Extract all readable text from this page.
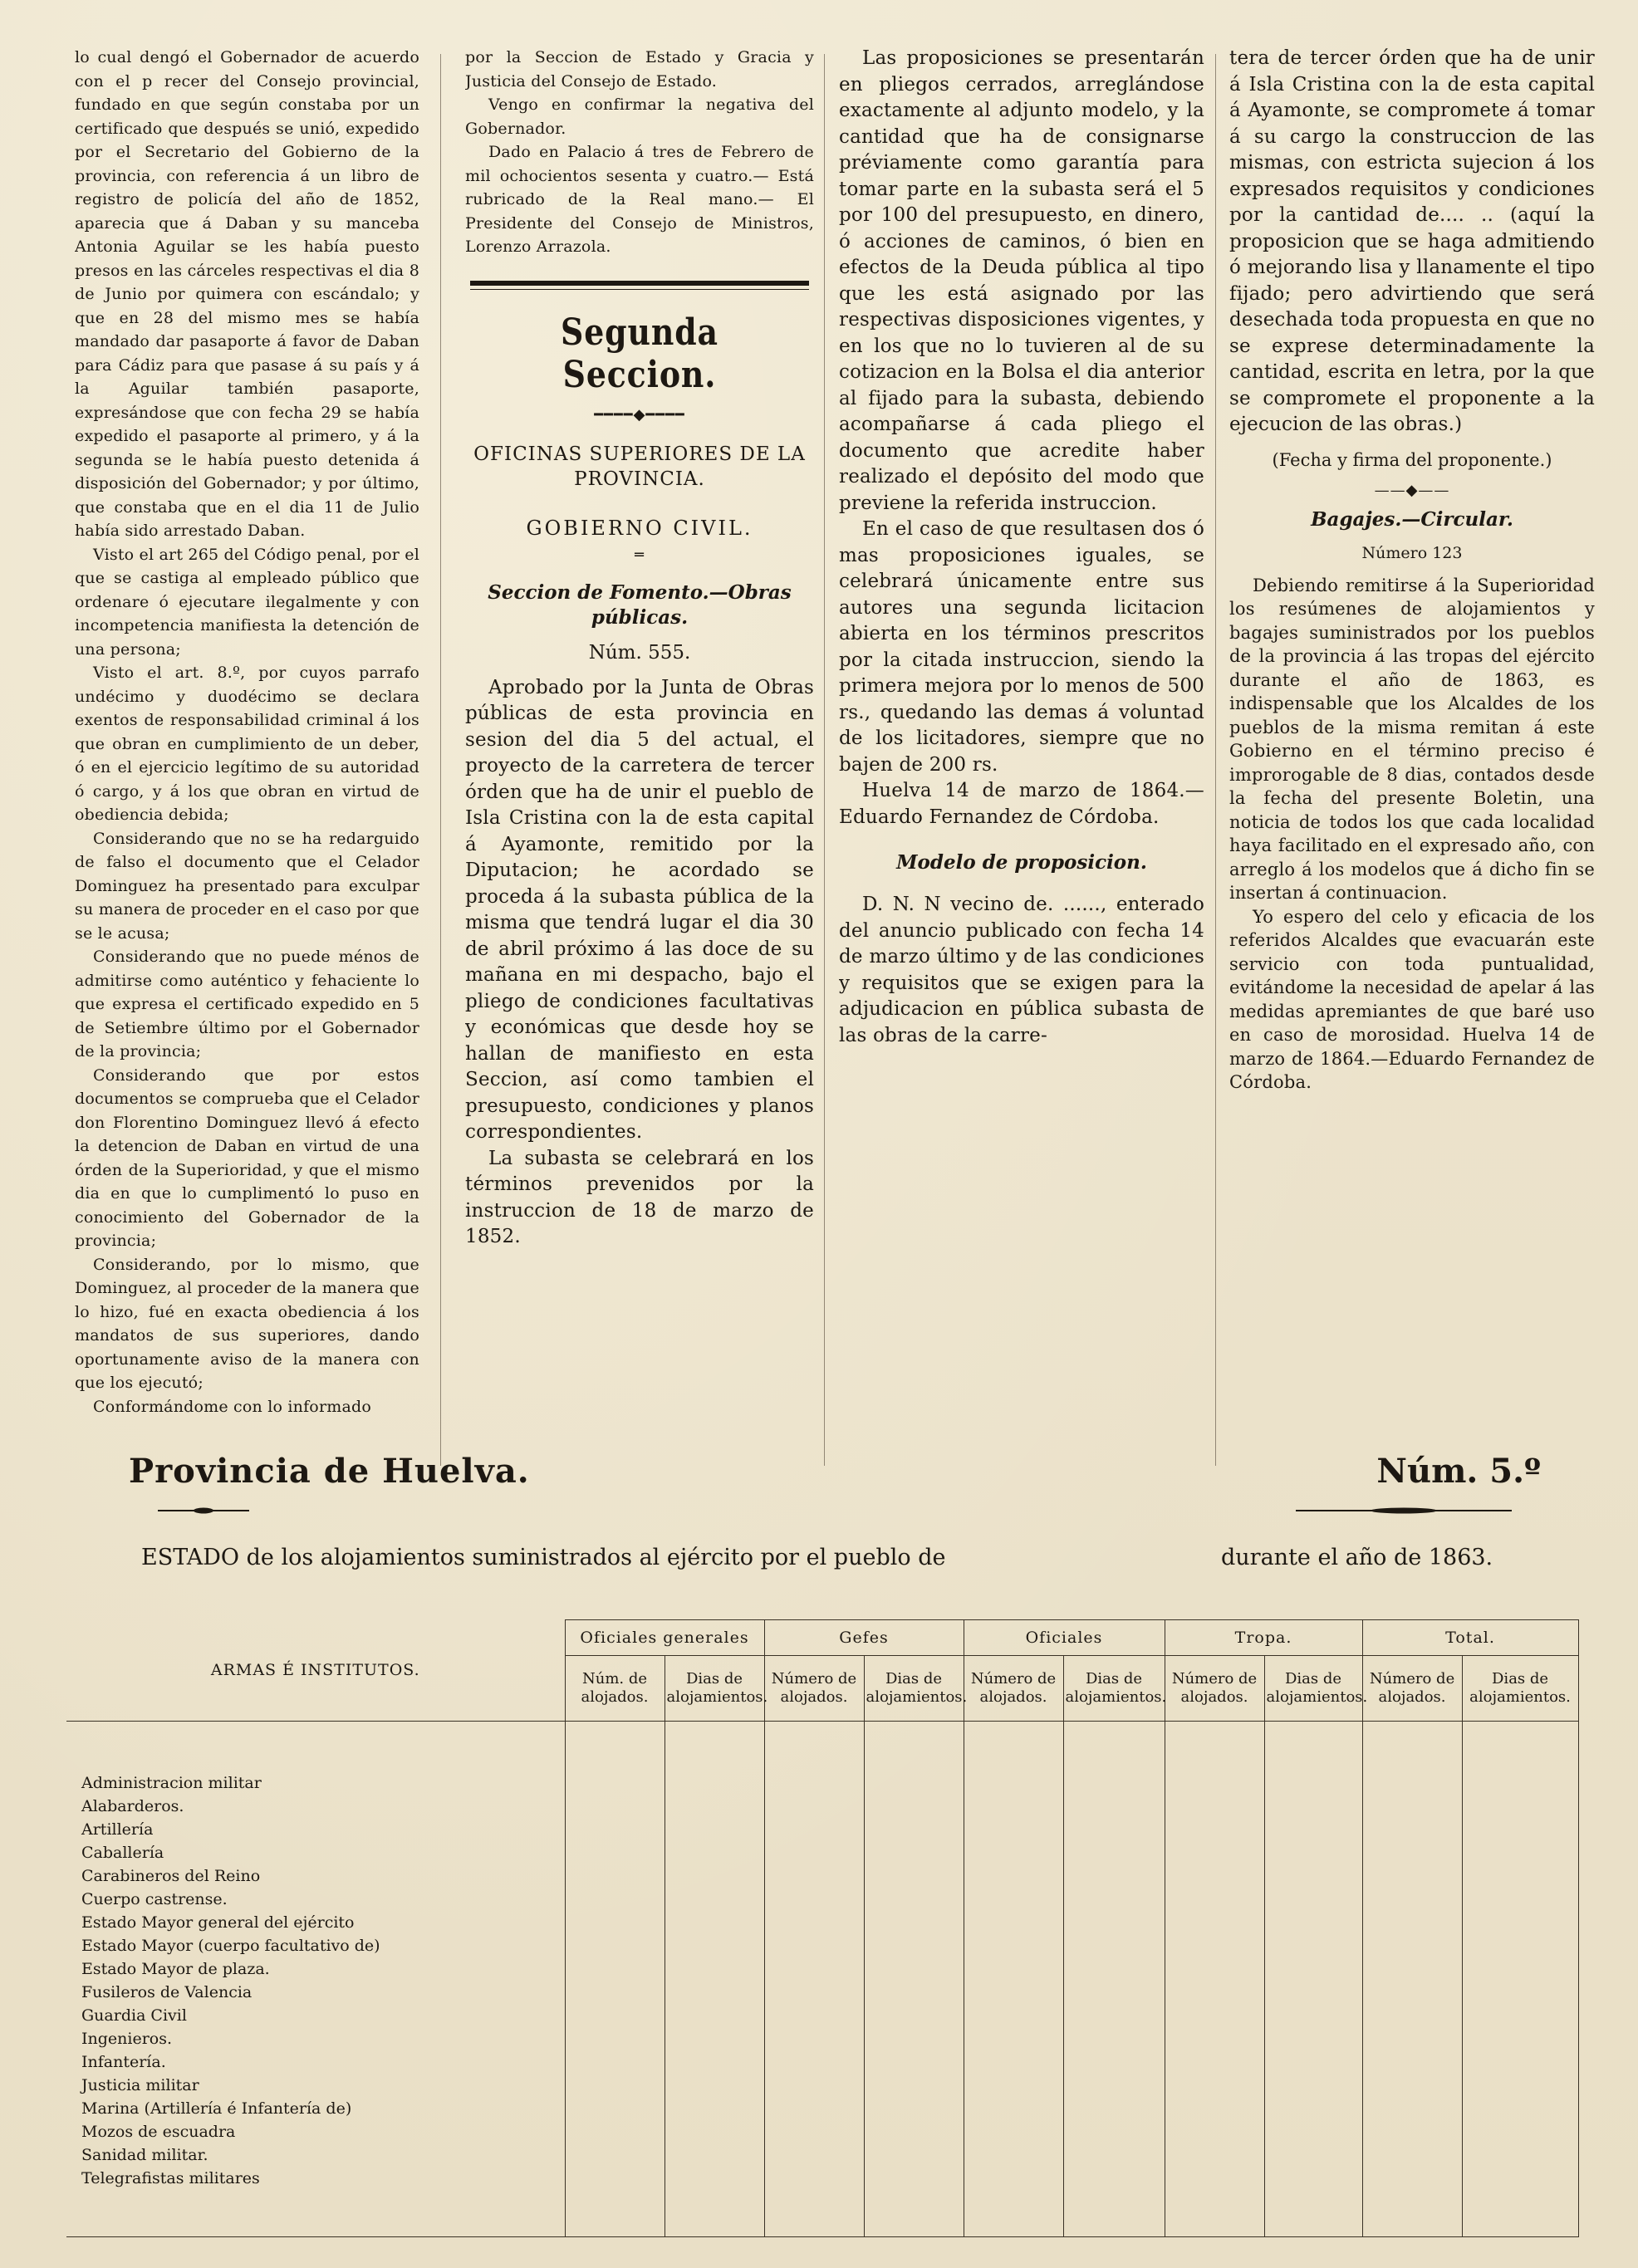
lo cual dengó el Gobernador de acuerdo con el p recer del Consejo provincial, fundado en que según constaba por un certificado que después se unió, expedido por el Secretario del Gobierno de la provincia, con referencia á un libro de registro de policía del año de 1852, aparecia que á Daban y su manceba Antonia Aguilar se les había puesto presos en las cárceles respectivas el dia 8 de Junio por quimera con escándalo; y que en 28 del mismo mes se había mandado dar pasaporte á favor de Daban para Cádiz para que pasase á su país y á la Aguilar también pasaporte, expresándose que con fecha 29 se había expedido el pasaporte al primero, y á la segunda se le había puesto detenida á disposición del Gobernador; y por último, que constaba que en el dia 11 de Julio había sido arrestado Daban.

Visto el art 265 del Código penal, por el que se castiga al empleado público que ordenare ó ejecutare ilegalmente y con incompetencia manifiesta la detención de una persona;

Visto el art. 8.º, por cuyos parrafo undécimo y duodécimo se declara exentos de responsabilidad criminal á los que obran en cumplimiento de un deber, ó en el ejercicio legítimo de su autoridad ó cargo, y á los que obran en virtud de obediencia debida;

Considerando que no se ha redarguido de falso el documento que el Celador Dominguez ha presentado para exculpar su manera de proceder en el caso por que se le acusa;

Considerando que no puede ménos de admitirse como auténtico y fehaciente lo que expresa el certificado expedido en 5 de Setiembre último por el Gobernador de la provincia;

Considerando que por estos documentos se comprueba que el Celador don Florentino Dominguez llevó á efecto la detencion de Daban en virtud de una órden de la Superioridad, y que el mismo dia en que lo cumplimentó lo puso en conocimiento del Gobernador de la provincia;

Considerando, por lo mismo, que Dominguez, al proceder de la manera que lo hizo, fué en exacta obediencia á los mandatos de sus superiores, dando oportunamente aviso de la manera con que los ejecutó;

Conformándome con lo informado

por la Seccion de Estado y Gracia y Justicia del Consejo de Estado.

Vengo en confirmar la negativa del Gobernador.

Dado en Palacio á tres de Febrero de mil ochocientos sesenta y cuatro.— Está rubricado de la Real mano.— El Presidente del Consejo de Ministros, Lorenzo Arrazola.

Segunda Seccion.
━━━━◆━━━━
OFICINAS SUPERIORES DE LA PROVINCIA.
GOBIERNO CIVIL.
═
Seccion de Fomento.—Obras públicas.
Núm. 555.

Aprobado por la Junta de Obras públicas de esta provincia en sesion del dia 5 del actual, el proyecto de la carretera de tercer órden que ha de unir el pueblo de Isla Cristina con la de esta capital á Ayamonte, remitido por la Diputacion; he acordado se proceda á la subasta pública de la misma que tendrá lugar el dia 30 de abril próximo á las doce de su mañana en mi despacho, bajo el pliego de condiciones facultativas y económicas que desde hoy se hallan de manifiesto en esta Seccion, así como tambien el presupuesto, condiciones y planos correspondientes.

La subasta se celebrará en los términos prevenidos por la instruccion de 18 de marzo de 1852.

Las proposiciones se presentarán en pliegos cerrados, arreglándose exactamente al adjunto modelo, y la cantidad que ha de consignarse préviamente como garantía para tomar parte en la subasta será el 5 por 100 del presupuesto, en dinero, ó acciones de caminos, ó bien en efectos de la Deuda pública al tipo que les está asignado por las respectivas disposiciones vigentes, y en los que no lo tuvieren al de su cotizacion en la Bolsa el dia anterior al fijado para la subasta, debiendo acompañarse á cada pliego el documento que acredite haber realizado el depósito del modo que previene la referida instruccion.

En el caso de que resultasen dos ó mas proposiciones iguales, se celebrará únicamente entre sus autores una segunda licitacion abierta en los términos prescritos por la citada instruccion, siendo la primera mejora por lo menos de 500 rs., quedando las demas á voluntad de los licitadores, siempre que no bajen de 200 rs.

Huelva 14 de marzo de 1864.—Eduardo Fernandez de Córdoba.

Modelo de proposicion.

D. N. N vecino de. ......, enterado del anuncio publicado con fecha 14 de marzo último y de las condiciones y requisitos que se exigen para la adjudicacion en pública subasta de las obras de la carre-

tera de tercer órden que ha de unir á Isla Cristina con la de esta capital á Ayamonte, se compromete á tomar á su cargo la construccion de las mismas, con estricta sujecion á los expresados requisitos y condiciones por la cantidad de.... .. (aquí la proposicion que se haga admitiendo ó mejorando lisa y llanamente el tipo fijado; pero advirtiendo que será desechada toda propuesta en que no se exprese determinadamente la cantidad, escrita en letra, por la que se compromete el proponente a la ejecucion de las obras.)

(Fecha y firma del proponente.)
——◆——
Bagajes.—Circular.
Número 123

Debiendo remitirse á la Superioridad los resúmenes de alojamientos y bagajes suministrados por los pueblos de la provincia á las tropas del ejército durante el año de 1863, es indispensable que los Alcaldes de los pueblos de la misma remitan á este Gobierno en el término preciso é improrogable de 8 dias, contados desde la fecha del presente Boletin, una noticia de todos los que cada localidad haya facilitado en el expresado año, con arreglo á los modelos que á dicho fin se insertan á continuacion.

Yo espero del celo y eficacia de los referidos Alcaldes que evacuarán este servicio con toda puntualidad, evitándome la necesidad de apelar á las medidas apremiantes de que baré uso en caso de morosidad. Huelva 14 de marzo de 1864.—Eduardo Fernandez de Córdoba.

Provincia de Huelva.	Núm. 5.º
ESTADO de los alojamientos suministrados al ejército por el pueblo de	durante el año de 1863.
ARMAS É INSTITUTOS.	Oficiales generales		Gefes		Oficiales		Tropa.		Total.	
	Núm. de alojados.	Dias de alojamientos.	Número de alojados.	Dias de alojamientos.	Número de alojados.	Dias de alojamientos.	Número de alojados.	Dias de alojamientos.	Número de alojados.	Dias de alojamientos.

Administracion militar										
Alabarderos.										
Artillería										
Caballería										
Carabineros del Reino										
Cuerpo castrense.										
Estado Mayor general del ejército										
Estado Mayor (cuerpo facultativo de)										
Estado Mayor de plaza.										
Fusileros de Valencia										
Guardia Civil										
Ingenieros.										
Infantería.										
Justicia militar										
Marina (Artillería é Infantería de)										
Mozos de escuadra										
Sanidad militar.										
Telegrafistas militares										
